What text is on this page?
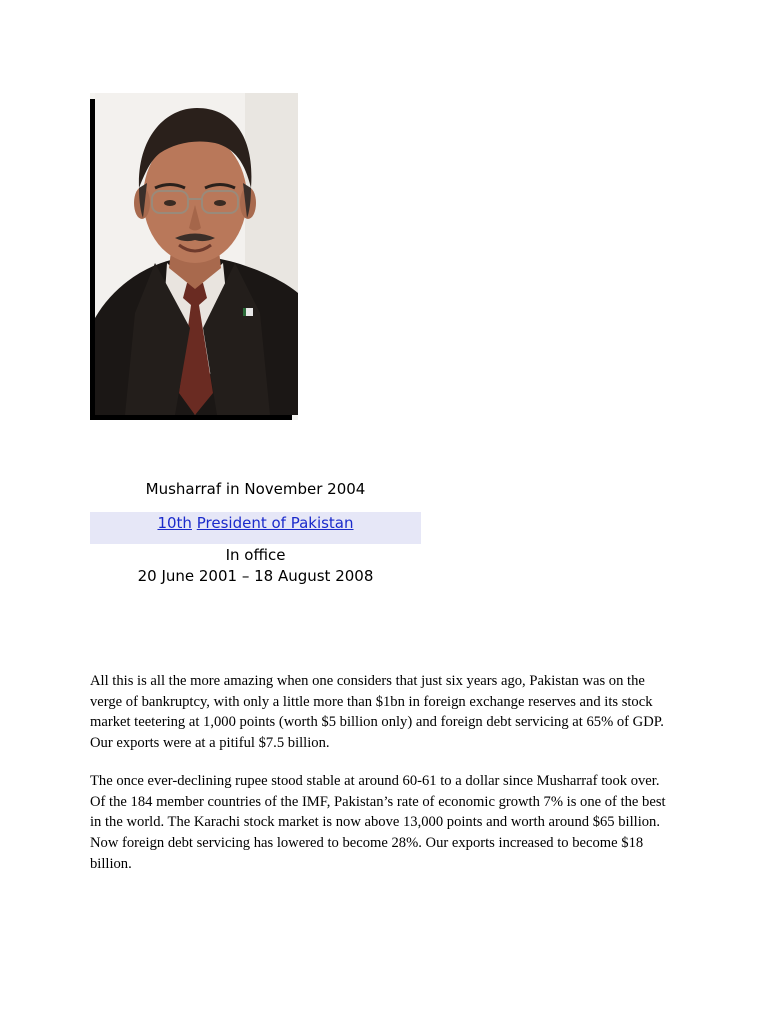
Musharraf in November 2004
10th President of Pakistan
In office
20 June 2001 – 18 August 2008

All this is all the more amazing when one considers that just six years ago, Pakistan was on the verge of bankruptcy, with only a little more than $1bn in foreign exchange reserves and its stock market teetering at 1,000 points (worth $5 billion only) and foreign debt servicing at 65% of GDP. Our exports were at a pitiful $7.5 billion.

The once ever-declining rupee stood stable at around 60-61 to a dollar since Musharraf took over. Of the 184 member countries of the IMF, Pakistan’s rate of economic growth 7% is one of the best in the world. The Karachi stock market is now above 13,000 points and worth around $65 billion. Now foreign debt servicing has lowered to become 28%. Our exports increased to become $18 billion.
